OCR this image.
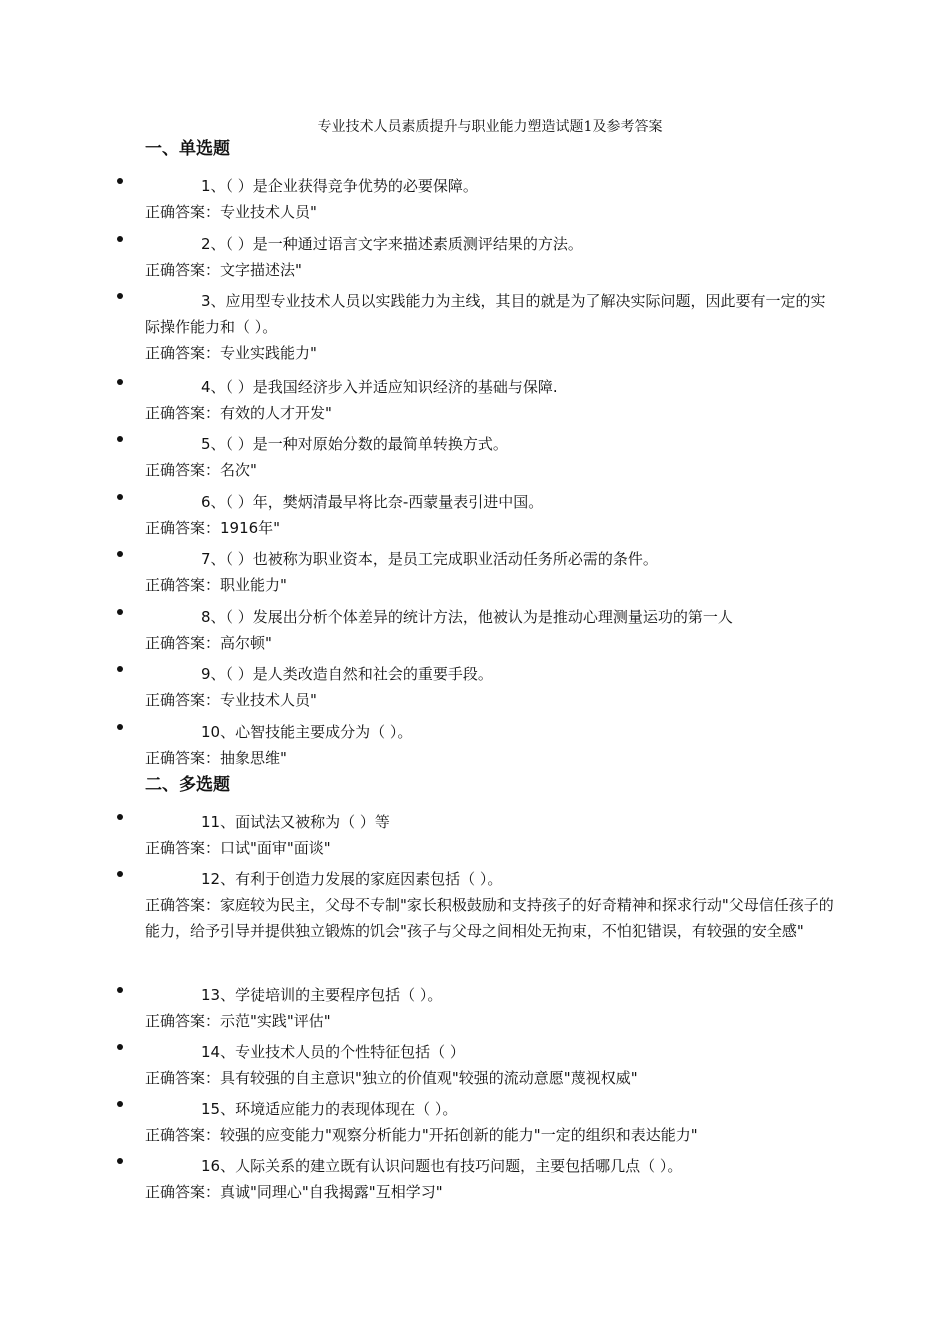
专业技术人员素质提升与职业能力塑造试题1及参考答案
一、单选题

1、（ ）是企业获得竞争优势的必要保障。

正确答案：专业技术人员"

2、（ ）是一种通过语言文字来描述素质测评结果的方法。

正确答案：文字描述法"

3、应用型专业技术人员以实践能力为主线，其目的就是为了解决实际问题，因此要有一定的实际操作能力和（ ）。

正确答案：专业实践能力"

4、（ ）是我国经济步入并适应知识经济的基础与保障.

正确答案：有效的人才开发"

5、（ ）是一种对原始分数的最简单转换方式。

正确答案：名次"

6、（ ）年，樊炳清最早将比奈-西蒙量表引进中国。

正确答案：1916年"

7、（ ）也被称为职业资本，是员工完成职业活动任务所必需的条件。

正确答案：职业能力"

8、（ ）发展出分析个体差异的统计方法，他被认为是推动心理测量运功的第一人

正确答案：高尔顿"

9、（ ）是人类改造自然和社会的重要手段。

正确答案：专业技术人员"

10、心智技能主要成分为（ ）。

正确答案：抽象思维"

二、多选题

11、面试法又被称为（ ）等

正确答案：口试"面审"面谈"

12、有利于创造力发展的家庭因素包括（ ）。

正确答案：家庭较为民主，父母不专制"家长积极鼓励和支持孩子的好奇精神和探求行动"父母信任孩子的能力，给予引导并提供独立锻炼的饥会"孩子与父母之间相处无拘束，不怕犯错误，有较强的安全感"

13、学徒培训的主要程序包括（ ）。

正确答案：示范"实践"评估"

14、专业技术人员的个性特征包括（ ）

正确答案：具有较强的自主意识"独立的价值观"较强的流动意愿"蔑视权威"

15、环境适应能力的表现体现在（ ）。

正确答案：较强的应变能力"观察分析能力"开拓创新的能力"一定的组织和表达能力"

16、人际关系的建立既有认识问题也有技巧问题，主要包括哪几点（ ）。

正确答案：真诚"同理心"自我揭露"互相学习"
